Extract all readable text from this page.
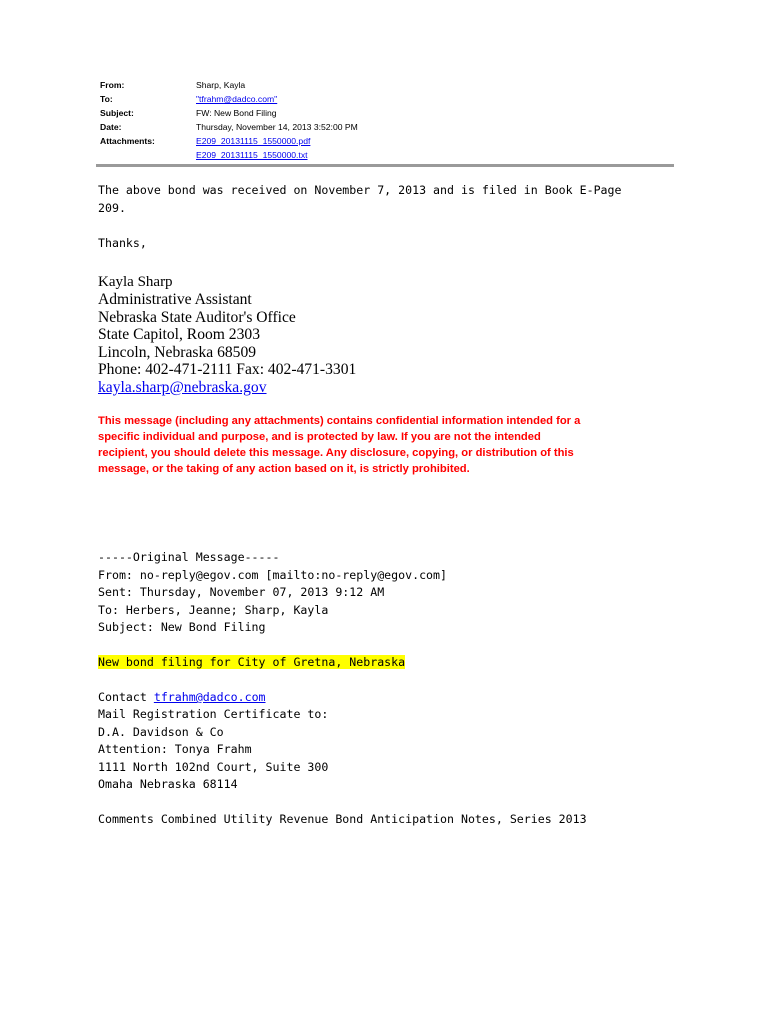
From:	Sharp, Kayla
To:	"tfrahm@dadco.com"
Subject:	FW: New Bond Filing
Date:	Thursday, November 14, 2013 3:52:00 PM
Attachments:	E209_20131115_1550000.pdf
E209_20131115_1550000.txt
The above bond was received on November 7, 2013 and is filed in Book E-Page
209.
Thanks,
Kayla Sharp
Administrative Assistant
Nebraska State Auditor's Office
State Capitol, Room 2303
Lincoln, Nebraska 68509
Phone: 402-471-2111 Fax: 402-471-3301
kayla.sharp@nebraska.gov
This message (including any attachments) contains confidential information intended for a
specific individual and purpose, and is protected by law. If you are not the intended
recipient, you should delete this message. Any disclosure, copying, or distribution of this
message, or the taking of any action based on it, is strictly prohibited.
-----Original Message-----
From: no-reply@egov.com [mailto:no-reply@egov.com]
Sent: Thursday, November 07, 2013 9:12 AM
To: Herbers, Jeanne; Sharp, Kayla
Subject: New Bond Filing
New bond filing for City of Gretna, Nebraska
Contact tfrahm@dadco.com
Mail Registration Certificate to:
D.A. Davidson & Co
Attention: Tonya Frahm
1111 North 102nd Court, Suite 300
Omaha Nebraska 68114
Comments Combined Utility Revenue Bond Anticipation Notes, Series 2013
